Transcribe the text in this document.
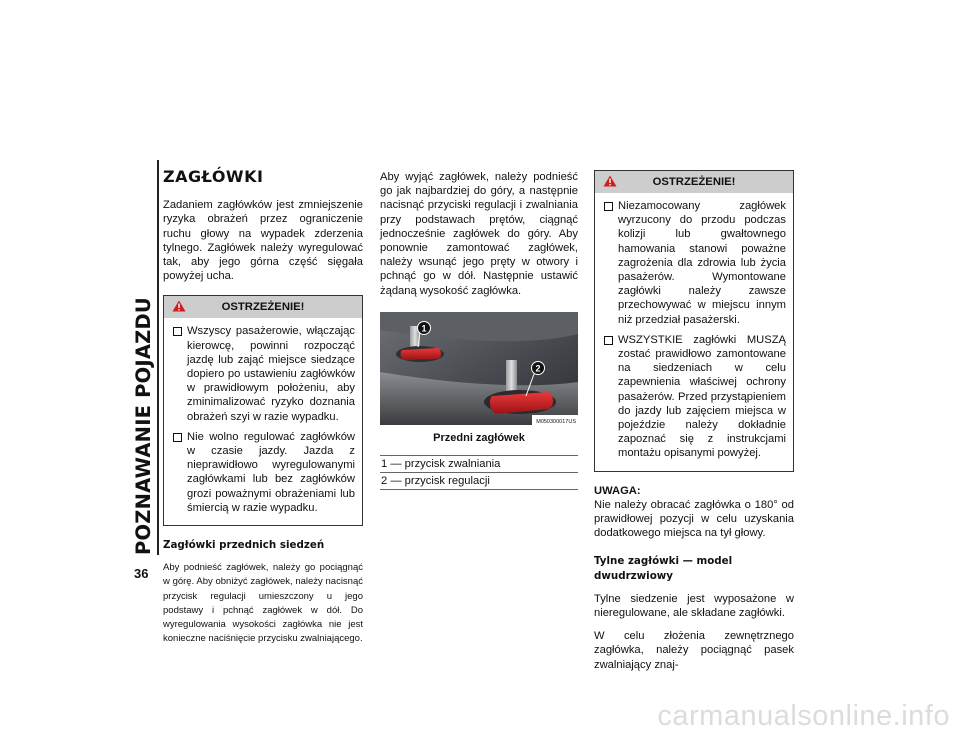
POZNAWANIE POJAZDU
36
ZAGŁÓWKI

Zadaniem zagłówków jest zmniejszenie ryzyka obrażeń przez ograniczenie ruchu głowy na wypadek zderzenia tylnego. Zagłówek należy wyregulować tak, aby jego górna część sięgała powyżej ucha.

OSTRZEŻENIE!
Wszyscy pasażerowie, włączając kierowcę, powinni rozpocząć jazdę lub zająć miejsce siedzące dopiero po ustawieniu zagłówków w prawidłowym położeniu, aby zminimalizować ryzyko doznania obrażeń szyi w razie wypadku.
Nie wolno regulować zagłówków w czasie jazdy. Jazda z nieprawidłowo wyregulowanymi zagłówkami lub bez zagłówków grozi poważnymi obrażeniami lub śmiercią w razie wypadku.
Zagłówki przednich siedzeń

Aby podnieść zagłówek, należy go pociągnąć w górę. Aby obniżyć zagłówek, należy nacisnąć przycisk regulacji umieszczony u jego podstawy i pchnąć zagłówek w dół. Do wyregulowania wysokości zagłówka nie jest konieczne naciśnięcie przycisku zwalniającego.

Aby wyjąć zagłówek, należy podnieść go jak najbardziej do góry, a następnie nacisnąć przyciski regulacji i zwalniania przy podstawach prętów, ciągnąć jednocześnie zagłówek do góry. Aby ponownie zamontować zagłówek, należy wsunąć jego pręty w otwory i pchnąć go w dół. Następnie ustawić żądaną wysokość zagłówka.

1
2
M050300017US
Przedni zagłówek
1 — przycisk zwalniania
2 — przycisk regulacji
OSTRZEŻENIE!
Niezamocowany zagłówek wyrzucony do przodu podczas kolizji lub gwałtownego hamowania stanowi poważne zagrożenia dla zdrowia lub życia pasażerów. Wymontowane zagłówki należy zawsze przechowywać w miejscu innym niż przedział pasażerski.
WSZYSTKIE zagłówki MUSZĄ zostać prawidłowo zamontowane na siedzeniach w celu zapewnienia właściwej ochrony pasażerów. Przed przystąpieniem do jazdy lub zajęciem miejsca w pojeździe należy dokładnie zapoznać się z instrukcjami montażu opisanymi powyżej.
UWAGA:

Nie należy obracać zagłówka o 180° od prawidłowej pozycji w celu uzyskania dodatkowego miejsca na tył głowy.

Tylne zagłówki — model dwudrzwiowy

Tylne siedzenie jest wyposażone w nieregulowane, ale składane zagłówki.

W celu złożenia zewnętrznego zagłówka, należy pociągnąć pasek zwalniający znaj-

carmanualsonline.info
